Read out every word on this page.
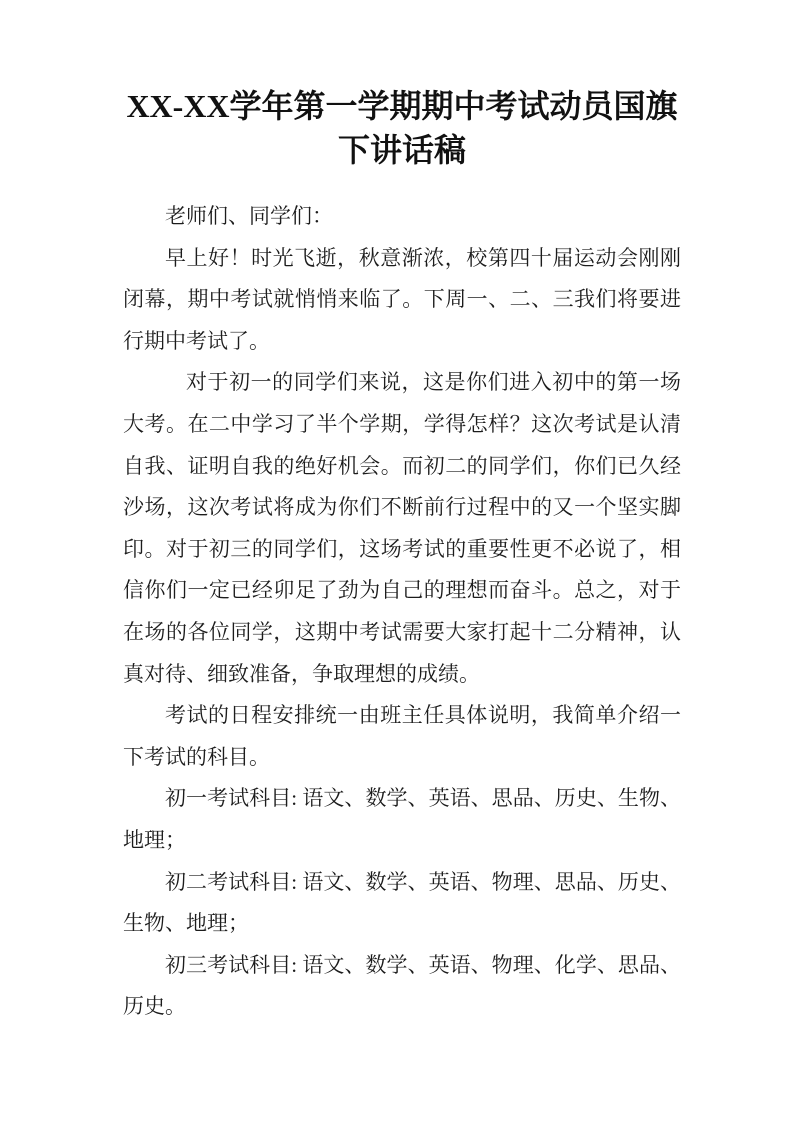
XX-XX学年第一学期期中考试动员国旗下讲话稿

老师们、同学们：

早上好！时光飞逝，秋意渐浓，校第四十届运动会刚刚闭幕，期中考试就悄悄来临了。下周一、二、三我们将要进行期中考试了。

对于初一的同学们来说，这是你们进入初中的第一场大考。在二中学习了半个学期，学得怎样？这次考试是认清自我、证明自我的绝好机会。而初二的同学们，你们已久经沙场，这次考试将成为你们不断前行过程中的又一个坚实脚印。对于初三的同学们，这场考试的重要性更不必说了，相信你们一定已经卯足了劲为自己的理想而奋斗。总之，对于在场的各位同学，这期中考试需要大家打起十二分精神，认真对待、细致准备，争取理想的成绩。

考试的日程安排统一由班主任具体说明，我简单介绍一下考试的科目。

初一考试科目: 语文、数学、英语、思品、历史、生物、地理；

初二考试科目: 语文、数学、英语、物理、思品、历史、生物、地理；

初三考试科目: 语文、数学、英语、物理、化学、思品、历史。
